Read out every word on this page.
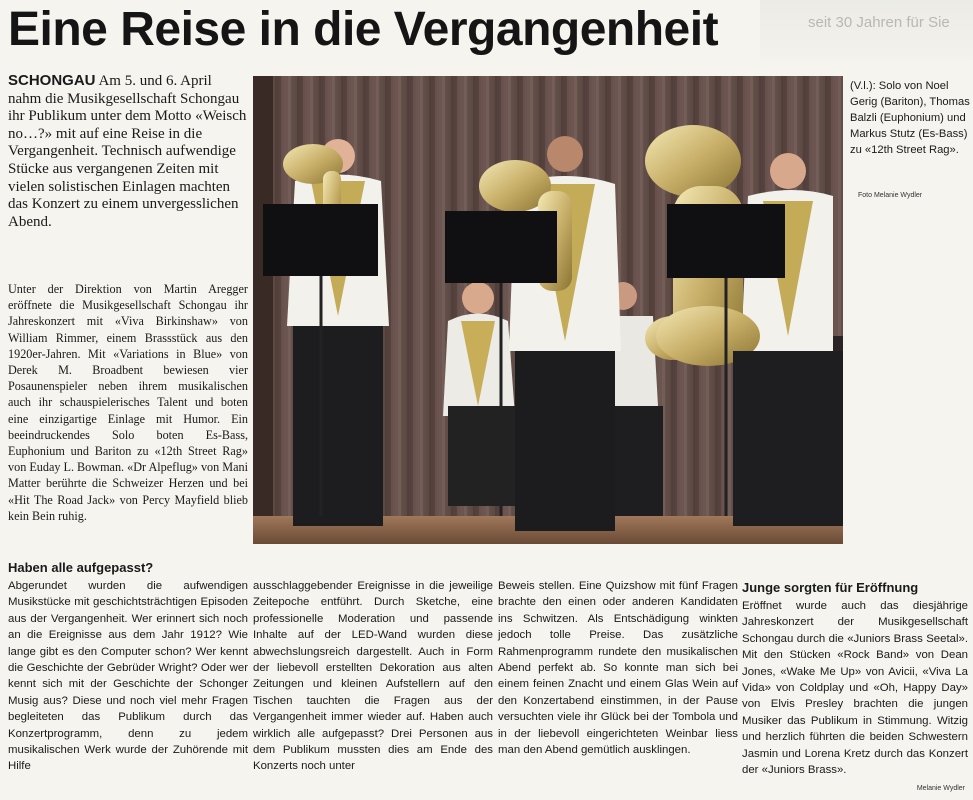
seit 30 Jahren für Sie
Eine Reise in die Vergangenheit

SCHONGAU Am 5. und 6. April nahm die Musikgesellschaft Schongau ihr Publikum unter dem Motto «Weisch no…?» mit auf eine Reise in die Vergangenheit. Technisch aufwendige Stücke aus vergangenen Zeiten mit vielen solistischen Einlagen machten das Konzert zu einem unvergesslichen Abend.

Unter der Direktion von Martin Aregger eröffnete die Musikgesellschaft Schongau ihr Jahreskonzert mit «Viva Birkinshaw» von William Rimmer, einem Brassstück aus den 1920er-Jahren. Mit «Variations in Blue» von Derek M. Broadbent bewiesen vier Posaunenspieler neben ihrem musikalischen auch ihr schauspielerisches Talent und boten eine einzigartige Einlage mit Humor. Ein beeindruckendes Solo boten Es-Bass, Euphonium und Bariton zu «12th Street Rag» von Euday L. Bowman. «Dr Alpeflug» von Mani Matter berührte die Schweizer Herzen und bei «Hit The Road Jack» von Percy Mayfield blieb kein Bein ruhig.

(V.l.): Solo von Noel Gerig (Bariton), Thomas Balzli (Euphonium) und Markus Stutz (Es-Bass) zu «12th Street Rag».

Foto Melanie Wydler
Haben alle aufgepasst?

Abgerundet wurden die aufwendigen Musikstücke mit geschichtsträchtigen Episoden aus der Vergangenheit. Wer erinnert sich noch an die Ereignisse aus dem Jahr 1912? Wie lange gibt es den Computer schon? Wer kennt die Geschichte der Gebrüder Wright? Oder wer kennt sich mit der Geschichte der Schonger Musig aus? Diese und noch viel mehr Fragen begleiteten das Publikum durch das Konzertprogramm, denn zu jedem musikalischen Werk wurde der Zuhörende mit Hilfe

ausschlaggebender Ereignisse in die jeweilige Zeitepoche entführt. Durch Sketche, eine professionelle Moderation und passende Inhalte auf der LED-Wand wurden diese abwechslungsreich dargestellt. Auch in Form der liebevoll erstellten Dekoration aus alten Zeitungen und kleinen Aufstellern auf den Tischen tauchten die Fragen aus der Vergangenheit immer wieder auf. Haben auch wirklich alle aufgepasst? Drei Personen aus dem Publikum mussten dies am Ende des Konzerts noch unter

Beweis stellen. Eine Quizshow mit fünf Fragen brachte den einen oder anderen Kandidaten ins Schwitzen. Als Entschädigung winkten jedoch tolle Preise. Das zusätzliche Rahmenprogramm rundete den musikalischen Abend perfekt ab. So konnte man sich bei einem feinen Znacht und einem Glas Wein auf den Konzertabend einstimmen, in der Pause versuchten viele ihr Glück bei der Tombola und in der liebevoll eingerichteten Weinbar liess man den Abend gemütlich ausklingen.

Junge sorgten für Eröffnung

Eröffnet wurde auch das diesjährige Jahreskonzert der Musikgesellschaft Schongau durch die «Juniors Brass Seetal». Mit den Stücken «Rock Band» von Dean Jones, «Wake Me Up» von Avicii, «Viva La Vida» von Coldplay und «Oh, Happy Day» von Elvis Presley brachten die jungen Musiker das Publikum in Stimmung. Witzig und herzlich führten die beiden Schwestern Jasmin und Lorena Kretz durch das Konzert der «Juniors Brass».

Melanie Wydler
